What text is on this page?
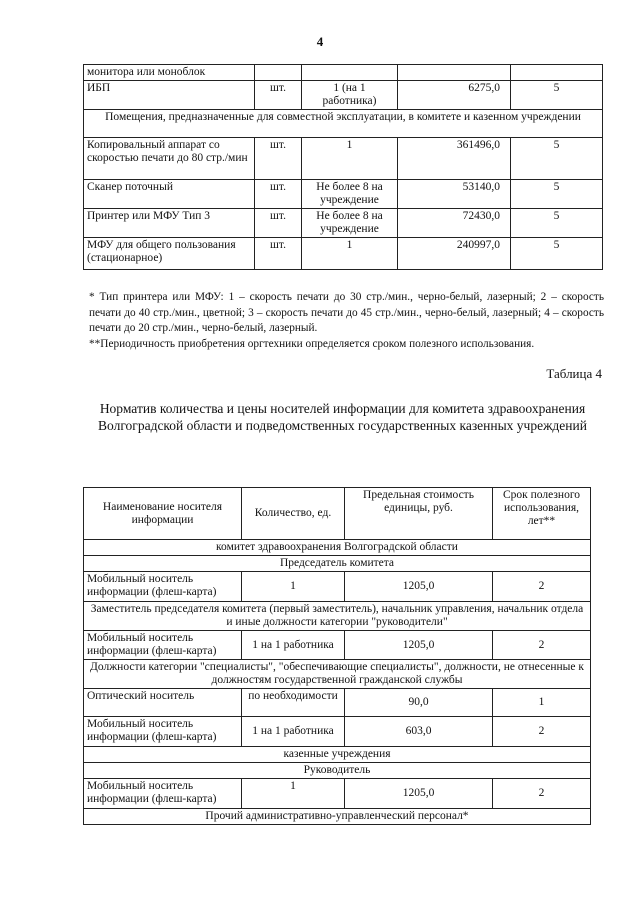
4
монитора или моноблок				
ИБП	шт.	1 (на 1 работника)	6275,0	5
Помещения, предназначенные для совместной эксплуатации, в комитете и казенном учреждении				
Копировальный аппарат со скоростью печати до 80 стр./мин	шт.	1	361496,0	5
Сканер поточный	шт.	Не более 8 на учреждение	53140,0	5
Принтер или МФУ Тип 3	шт.	Не более 8 на учреждение	72430,0	5
МФУ для общего пользования (стационарное)	шт.	1	240997,0	5

* Тип принтера или МФУ: 1 – скорость печати до 30 стр./мин., черно-белый, лазерный; 2 – скорость печати до 40 стр./мин., цветной; 3 – скорость печати до 45 стр./мин., черно-белый, лазерный; 4 – скорость печати до 20 стр./мин., черно-белый, лазерный.

**Периодичность приобретения оргтехники определяется сроком полезного использования.

Таблица 4
Норматив количества и цены носителей информации для комитета здравоохранения Волгоградской области и подведомственных государственных казенных учреждений
Наименование носителя информации	Количество, ед.	Предельная стоимость единицы, руб.	Срок полезного использования, лет**
комитет здравоохранения Волгоградской области			
Председатель комитета			
Мобильный носитель информации (флеш-карта)	1	1205,0	2
Заместитель председателя комитета (первый заместитель), начальник управления, начальник отдела и иные должности категории "руководители"			
Мобильный носитель информации (флеш-карта)	1 на 1 работника	1205,0	2
Должности категории "специалисты", "обеспечивающие специалисты", должности, не отнесенные к должностям государственной гражданской службы			
Оптический носитель	по необходимости	90,0	1
Мобильный носитель информации (флеш-карта)	1 на 1 работника	603,0	2
казенные учреждения			
Руководитель			
Мобильный носитель информации (флеш-карта)	1	1205,0	2
Прочий административно-управленческий персонал*			
